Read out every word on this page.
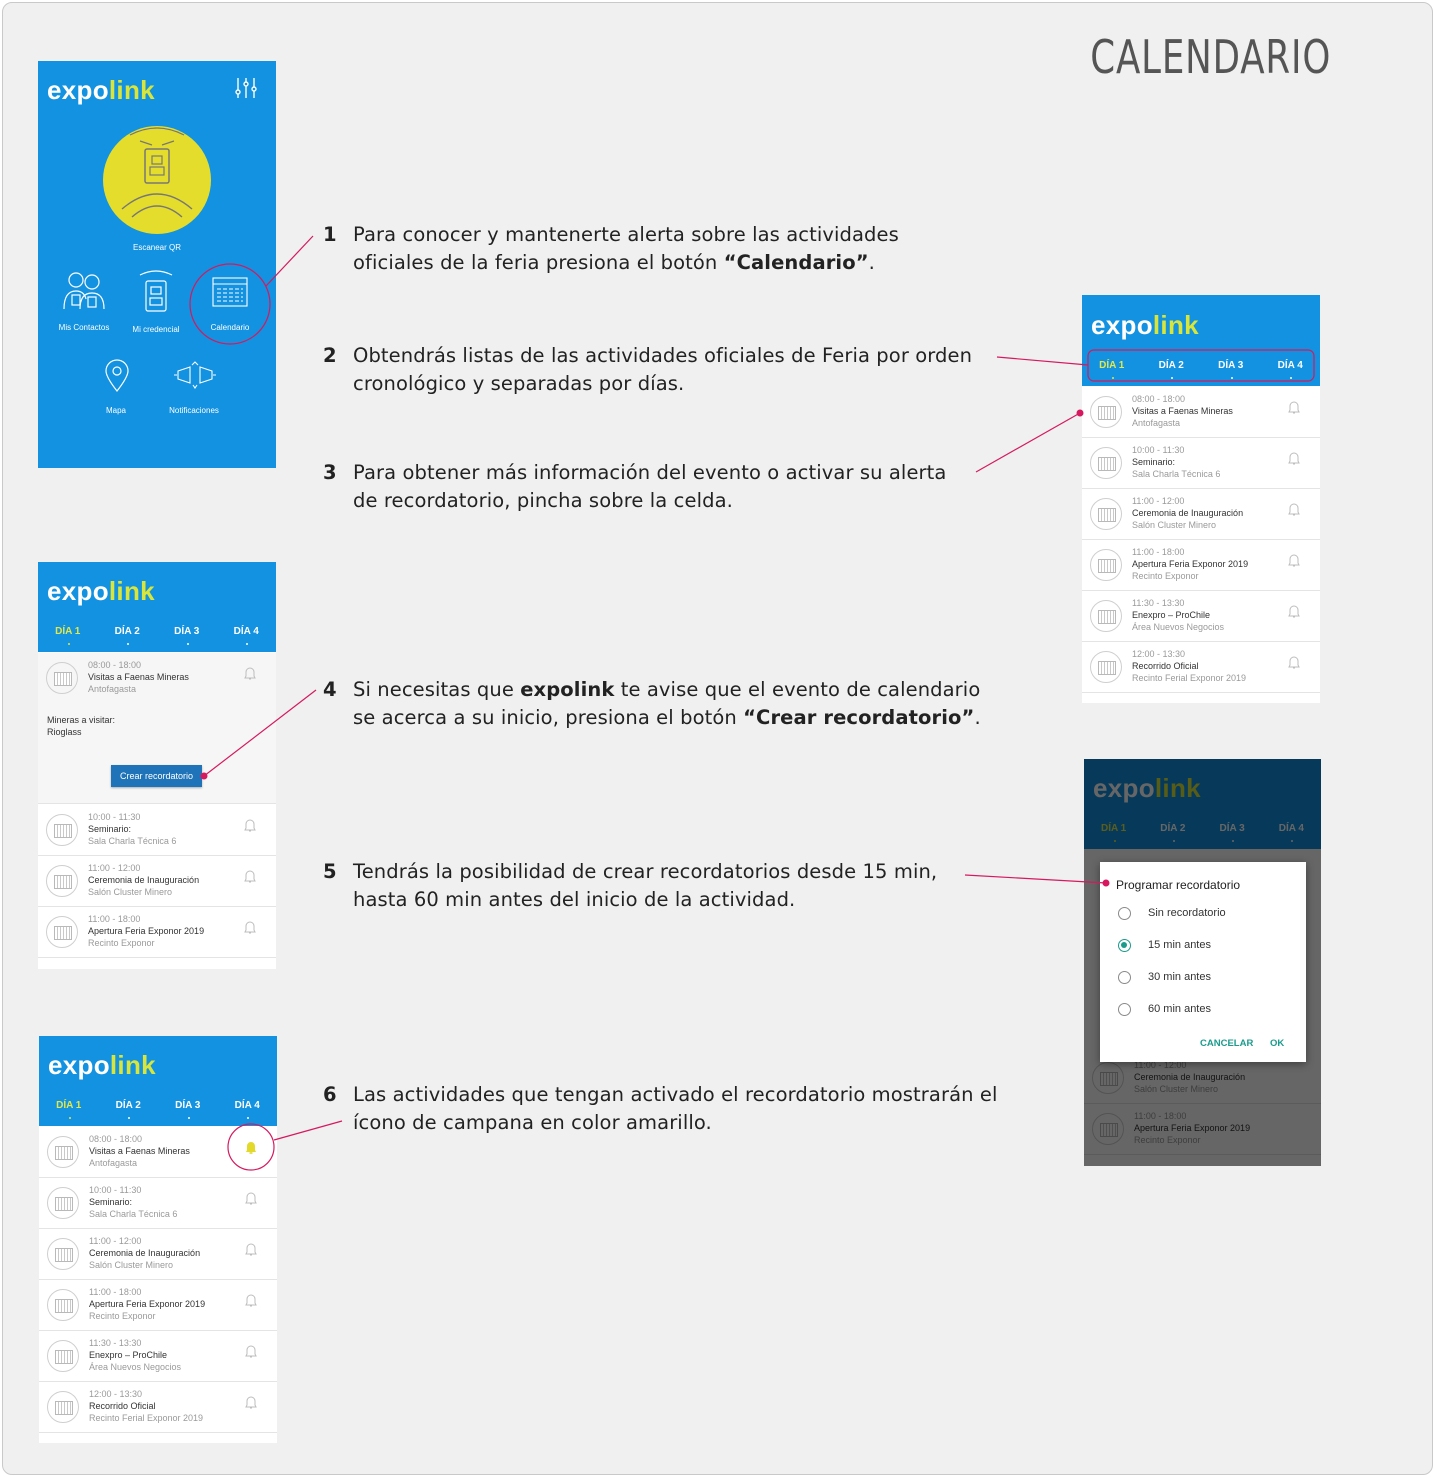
CALENDARIO
expolink
Escanear QR
Mis Contactos	Mi credencial	Calendario
Mapa	Notificaciones
expolink
DÍA 1	DÍA 2	DÍA 3	DÍA 4
08:00 - 18:00
Visitas a Faenas Mineras
Antofagasta
10:00 - 11:30
Seminario:
Sala Charla Técnica 6
11:00 - 12:00
Ceremonia de Inauguración
Salón Cluster Minero
11:00 - 18:00
Apertura Feria Exponor 2019
Recinto Exponor
11:30 - 13:30
Enexpro – ProChile
Área Nuevos Negocios
12:00 - 13:30
Recorrido Oficial
Recinto Ferial Exponor 2019
expolink
DÍA 1	DÍA 2	DÍA 3	DÍA 4
08:00 - 18:00
Visitas a Faenas Mineras
Antofagasta
Mineras a visitar:
Rioglass
Crear recordatorio
10:00 - 11:30
Seminario:
Sala Charla Técnica 6
11:00 - 12:00
Ceremonia de Inauguración
Salón Cluster Minero
11:00 - 18:00
Apertura Feria Exponor 2019
Recinto Exponor
Programar recordatorio
Sin recordatorio
15 min antes
30 min antes
60 min antes
CANCELAR OK
expolink
DÍA 1	DÍA 2	DÍA 3	DÍA 4
08:00 - 18:00
Visitas a Faenas Mineras
Antofagasta
10:00 - 11:30
Seminario:
Sala Charla Técnica 6
11:00 - 12:00
Ceremonia de Inauguración
Salón Cluster Minero
11:00 - 18:00
Apertura Feria Exponor 2019
Recinto Exponor
11:30 - 13:30
Enexpro – ProChile
Área Nuevos Negocios
12:00 - 13:30
Recorrido Oficial
Recinto Ferial Exponor 2019
1 Para conocer y mantenerte alerta sobre las actividades
oficiales de la feria presiona el botón “Calendario”.
2 Obtendrás listas de las actividades oficiales de Feria por orden
cronológico y separadas por días.
3 Para obtener más información del evento o activar su alerta
de recordatorio, pincha sobre la celda.
4 Si necesitas que expolink te avise que el evento de calendario
se acerca a su inicio, presiona el botón “Crear recordatorio”.
5 Tendrás la posibilidad de crear recordatorios desde 15 min,
hasta 60 min antes del inicio de la actividad.
6 Las actividades que tengan activado el recordatorio mostrarán el
ícono de campana en color amarillo.
